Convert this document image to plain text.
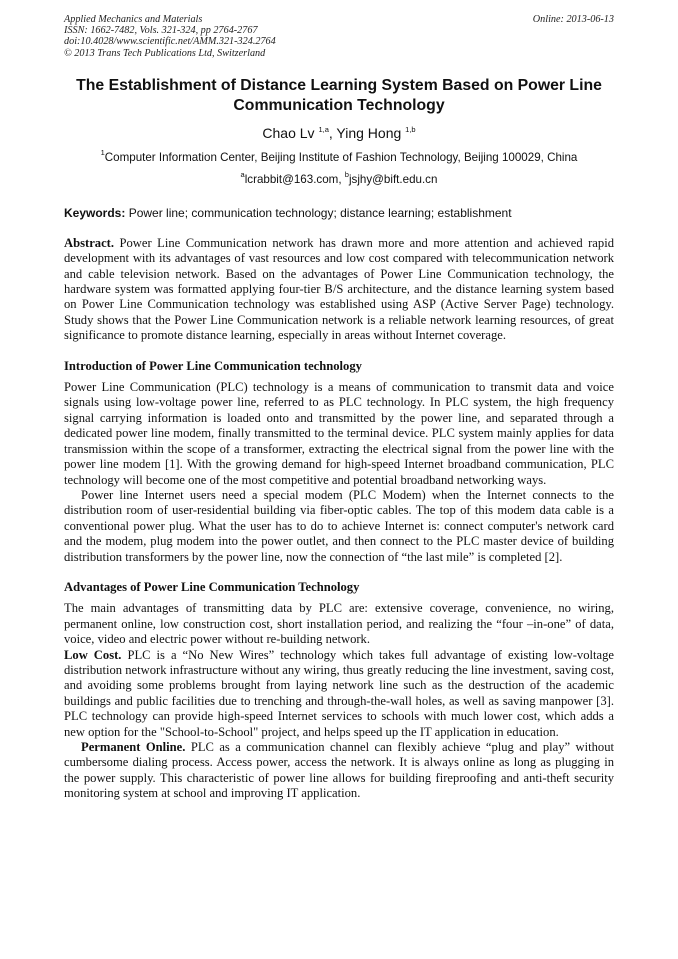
Applied Mechanics and Materials	Online: 2013-06-13
ISSN: 1662-7482, Vols. 321-324, pp 2764-2767
doi:10.4028/www.scientific.net/AMM.321-324.2764
© 2013 Trans Tech Publications Ltd, Switzerland
The Establishment of Distance Learning System Based on Power Line Communication Technology
Chao Lv $^{1,a}$, Ying Hong $^{1,b}$
$^1$Computer Information Center, Beijing Institute of Fashion Technology, Beijing 100029, China
$^a$lcrabbit@163.com, $^b$jsjhy@bift.edu.cn
Keywords: Power line; communication technology; distance learning; establishment

Abstract. Power Line Communication network has drawn more and more attention and achieved rapid development with its advantages of vast resources and low cost compared with telecommunication network and cable television network. Based on the advantages of Power Line Communication technology, the hardware system was formatted applying four-tier B/S architecture, and the distance learning system based on Power Line Communication technology was established using ASP (Active Server Page) technology. Study shows that the Power Line Communication network is a reliable network learning resources, of great significance to promote distance learning, especially in areas without Internet coverage.

Introduction of Power Line Communication technology

Power Line Communication (PLC) technology is a means of communication to transmit data and voice signals using low-voltage power line, referred to as PLC technology. In PLC system, the high frequency signal carrying information is loaded onto and transmitted by the power line, and separated through a dedicated power line modem, finally transmitted to the terminal device. PLC system mainly applies for data transmission within the scope of a transformer, extracting the electrical signal from the power line with the power line modem [1]. With the growing demand for high-speed Internet broadband communication, PLC technology will become one of the most competitive and potential broadband networking ways.

Power line Internet users need a special modem (PLC Modem) when the Internet connects to the distribution room of user-residential building via fiber-optic cables. The top of this modem data cable is a conventional power plug. What the user has to do to achieve Internet is: connect computer's network card and the modem, plug modem into the power outlet, and then connect to the PLC master device of building distribution transformers by the power line, now the connection of “the last mile” is completed [2].

Advantages of Power Line Communication Technology

The main advantages of transmitting data by PLC are: extensive coverage, convenience, no wiring, permanent online, low construction cost, short installation period, and realizing the “four –in-one” of data, voice, video and electric power without re-building network.

Low Cost. PLC is a “No New Wires” technology which takes full advantage of existing low-voltage distribution network infrastructure without any wiring, thus greatly reducing the line investment, saving cost, and avoiding some problems brought from laying network line such as the destruction of the academic buildings and public facilities due to trenching and through-the-wall holes, as well as saving manpower [3]. PLC technology can provide high-speed Internet services to schools with much lower cost, which adds a new option for the "School-to-School" project, and helps speed up the IT application in education.

Permanent Online. PLC as a communication channel can flexibly achieve “plug and play” without cumbersome dialing process. Access power, access the network. It is always online as long as plugging in the power supply. This characteristic of power line allows for building fireproofing and anti-theft security monitoring system at school and improving IT application.
